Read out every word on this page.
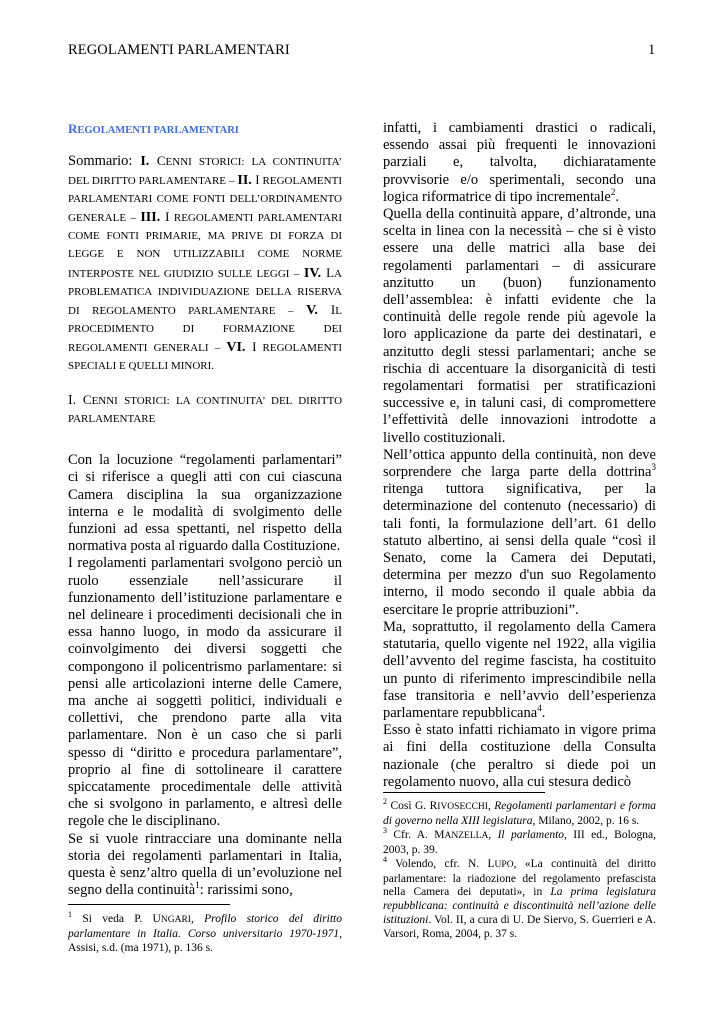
REGOLAMENTI PARLAMENTARI	1
REGOLAMENTI PARLAMENTARI
Sommario: I. CENNI STORICI: LA CONTINUITA’ DEL DIRITTO PARLAMENTARE – II. I REGOLAMENTI PARLAMENTARI COME FONTI DELL’ORDINAMENTO GENERALE – III. I REGOLAMENTI PARLAMENTARI COME FONTI PRIMARIE, MA PRIVE DI FORZA DI LEGGE E NON UTILIZZABILI COME NORME INTERPOSTE NEL GIUDIZIO SULLE LEGGI – IV. LA PROBLEMATICA INDIVIDUAZIONE DELLA RISERVA DI REGOLAMENTO PARLAMENTARE – V. IL PROCEDIMENTO DI FORMAZIONE DEI REGOLAMENTI GENERALI – VI. I REGOLAMENTI SPECIALI E QUELLI MINORI.
I. CENNI STORICI: LA CONTINUITA’ DEL DIRITTO PARLAMENTARE

Con la locuzione “regolamenti parlamentari” ci si riferisce a quegli atti con cui ciascuna Camera disciplina la sua organizzazione interna e le modalità di svolgimento delle funzioni ad essa spettanti, nel rispetto della normativa posta al riguardo dalla Costituzione.

I regolamenti parlamentari svolgono perciò un ruolo essenziale nell’assicurare il funzionamento dell’istituzione parlamentare e nel delineare i procedimenti decisionali che in essa hanno luogo, in modo da assicurare il coinvolgimento dei diversi soggetti che compongono il policentrismo parlamentare: si pensi alle articolazioni interne delle Camere, ma anche ai soggetti politici, individuali e collettivi, che prendono parte alla vita parlamentare. Non è un caso che si parli spesso di “diritto e procedura parlamentare”, proprio al fine di sottolineare il carattere spiccatamente procedimentale delle attività che si svolgono in parlamento, e altresì delle regole che le disciplinano.

Se si vuole rintracciare una dominante nella storia dei regolamenti parlamentari in Italia, questa è senz’altro quella di un’evoluzione nel segno della continuità$^1$: rarissimi sono,

$^1$ Si veda P. UNGARI, Profilo storico del diritto parlamentare in Italia. Corso universitario 1970-1971, Assisi, s.d. (ma 1971), p. 136 s.

infatti, i cambiamenti drastici o radicali, essendo assai più frequenti le innovazioni parziali e, talvolta, dichiaratamente provvisorie e/o sperimentali, secondo una logica riformatrice di tipo incrementale$^2$.

Quella della continuità appare, d’altronde, una scelta in linea con la necessità – che si è visto essere una delle matrici alla base dei regolamenti parlamentari – di assicurare anzitutto un (buon) funzionamento dell’assemblea: è infatti evidente che la continuità delle regole rende più agevole la loro applicazione da parte dei destinatari, e anzitutto degli stessi parlamentari; anche se rischia di accentuare la disorganicità di testi regolamentari formatisi per stratificazioni successive e, in taluni casi, di compromettere l’effettività delle innovazioni introdotte a livello costituzionali.

Nell’ottica appunto della continuità, non deve sorprendere che larga parte della dottrina$^3$ ritenga tuttora significativa, per la determinazione del contenuto (necessario) di tali fonti, la formulazione dell’art. 61 dello statuto albertino, ai sensi della quale “così il Senato, come la Camera dei Deputati, determina per mezzo d'un suo Regolamento interno, il modo secondo il quale abbia da esercitare le proprie attribuzioni”.

Ma, soprattutto, il regolamento della Camera statutaria, quello vigente nel 1922, alla vigilia dell’avvento del regime fascista, ha costituito un punto di riferimento imprescindibile nella fase transitoria e nell’avvio dell’esperienza parlamentare repubblicana$^4$.

Esso è stato infatti richiamato in vigore prima ai fini della costituzione della Consulta nazionale (che peraltro si diede poi un regolamento nuovo, alla cui stesura dedicò

$^2$ Così G. RIVOSECCHI, Regolamenti parlamentari e forma di governo nella XIII legislatura, Milano, 2002, p. 16 s.

$^3$ Cfr. A. MANZELLA, Il parlamento, III ed., Bologna, 2003, p. 39.

$^4$ Volendo, cfr. N. LUPO, «La continuità del diritto parlamentare: la riadozione del regolamento prefascista nella Camera dei deputati», in La prima legislatura repubblicana: continuità e discontinuità nell’azione delle istituzioni. Vol. II, a cura di U. De Siervo, S. Guerrieri e A. Varsori, Roma, 2004, p. 37 s.
